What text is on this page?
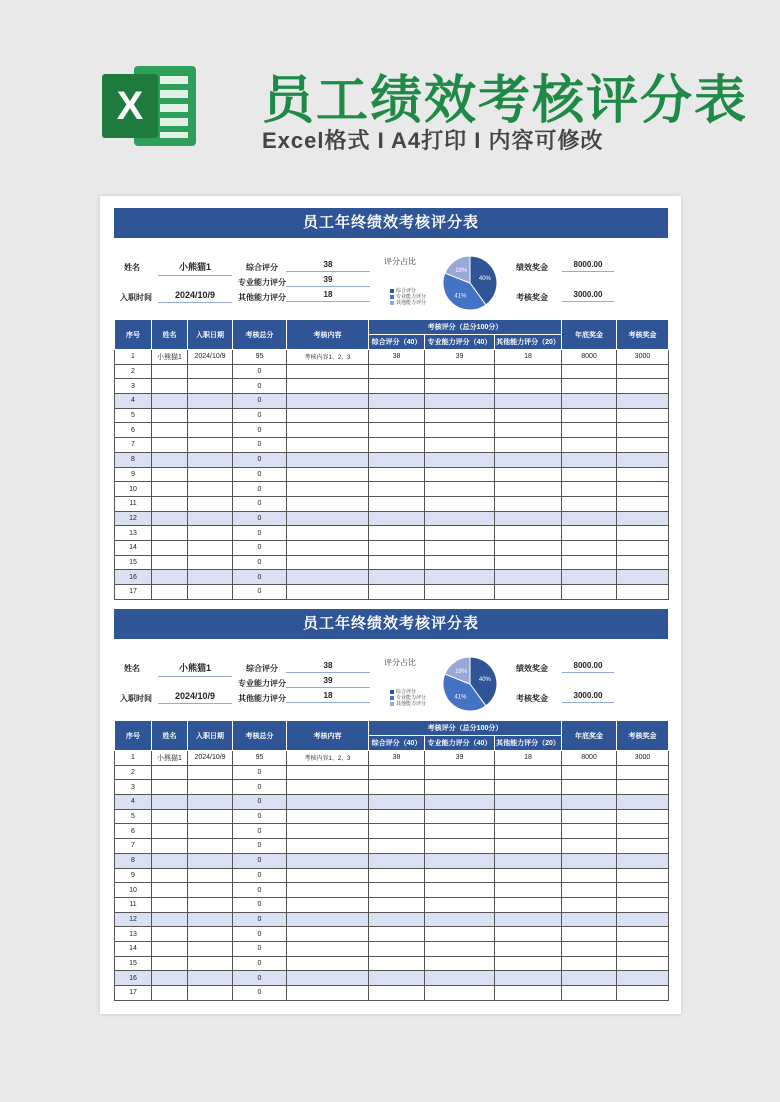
X 员工绩效考核评分表
Excel格式 I A4打印 I 内容可修改
员工年终绩效考核评分表
姓名	小熊猫1
入职时间	2024/10/9
综合评分	38
专业能力评分	39
其他能力评分	18
评分占比
综合评分
专业能力评分
其他能力评分
40%
41%
19%	绩效奖金	8000.00
考核奖金	3000.00
序号	姓名	入职日期	考核总分	考核内容	考核评分（总分100分）			年底奖金	考核奖金
					综合评分（40）	专业能力评分（40）	其他能力评分（20）		
1	小熊猫1	2024/10/9	95	考核内容1、2、3	38	39	18	8000	3000
2			0						
3			0						
4			0						
5			0						
6			0						
7			0						
8			0						
9			0						
10			0						
11			0						
12			0						
13			0						
14			0						
15			0						
16			0						
17			0						
员工年终绩效考核评分表
姓名	小熊猫1
入职时间	2024/10/9
综合评分	38
专业能力评分	39
其他能力评分	18
评分占比
综合评分
专业能力评分
其他能力评分
40%
41%
19%	绩效奖金	8000.00
考核奖金	3000.00
序号	姓名	入职日期	考核总分	考核内容	考核评分（总分100分）			年底奖金	考核奖金
					综合评分（40）	专业能力评分（40）	其他能力评分（20）		
1	小熊猫1	2024/10/9	95	考核内容1、2、3	38	39	18	8000	3000
2			0						
3			0						
4			0						
5			0						
6			0						
7			0						
8			0						
9			0						
10			0						
11			0						
12			0						
13			0						
14			0						
15			0						
16			0						
17			0						
